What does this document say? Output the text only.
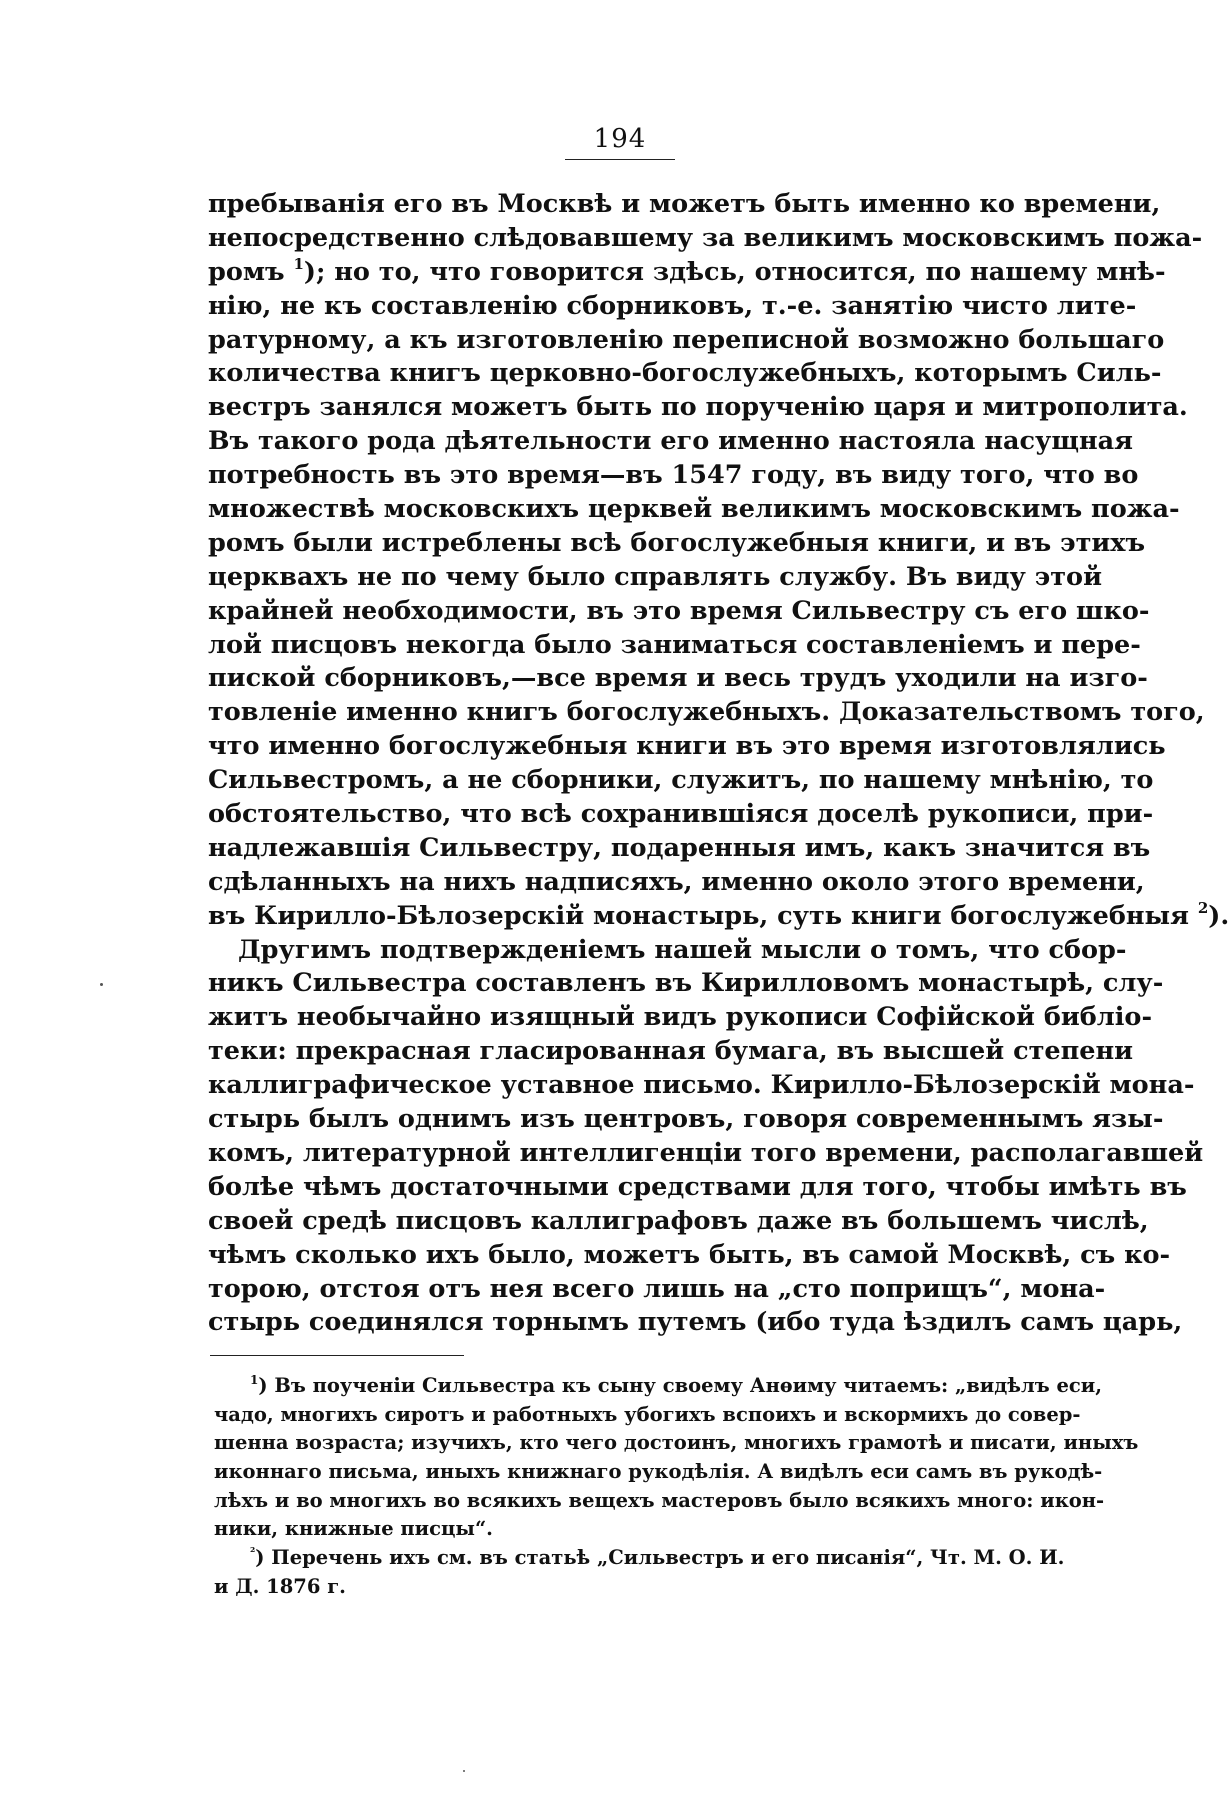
194
пребыванія его въ Москвѣ и можетъ быть именно ко времени,
непосредственно слѣдовавшему за великимъ московскимъ пожа-
ромъ $^1$); но то, что говорится здѣсь, относится, по нашему мнѣ-
нію, не къ составленію сборниковъ, т.-е. занятію чисто лите-
ратурному, а къ изготовленію переписной возможно большаго
количества книгъ церковно-богослужебныхъ, которымъ Силь-
вестръ занялся можетъ быть по порученію царя и митрополита.
Въ такого рода дѣятельности его именно настояла насущная
потребность въ это время—въ 1547 году, въ виду того, что во
множествѣ московскихъ церквей великимъ московскимъ пожа-
ромъ были истреблены всѣ богослужебныя книги, и въ этихъ
церквахъ не по чему было справлять службу. Въ виду этой
крайней необходимости, въ это время Сильвестру съ его шко-
лой писцовъ некогда было заниматься составленіемъ и пере-
пиской сборниковъ,—все время и весь трудъ уходили на изго-
товленіе именно книгъ богослужебныхъ. Доказательствомъ того,
что именно богослужебныя книги въ это время изготовлялись
Сильвестромъ, а не сборники, служитъ, по нашему мнѣнію, то
обстоятельство, что всѣ сохранившіяся доселѣ рукописи, при-
надлежавшія Сильвестру, подаренныя имъ, какъ значится въ
сдѣланныхъ на нихъ надписяхъ, именно около этого времени,
въ Кирилло-Бѣлозерскій монастырь, суть книги богослужебныя $^2$).
Другимъ подтвержденіемъ нашей мысли о томъ, что сбор-
никъ Сильвестра составленъ въ Кирилловомъ монастырѣ, слу-
житъ необычайно изящный видъ рукописи Софійской библіо-
теки: прекрасная гласированная бумага, въ высшей степени
каллиграфическое уставное письмо. Кирилло-Бѣлозерскій мона-
стырь былъ однимъ изъ центровъ, говоря современнымъ язы-
комъ, литературной интеллигенціи того времени, располагавшей
болѣе чѣмъ достаточными средствами для того, чтобы имѣть въ
своей средѣ писцовъ каллиграфовъ даже въ большемъ числѣ,
чѣмъ сколько ихъ было, можетъ быть, въ самой Москвѣ, съ ко-
торою, отстоя отъ нея всего лишь на „сто поприщъ“, мона-
стырь соединялся торнымъ путемъ (ибо туда ѣздилъ самъ царь,
$^1$) Въ поученіи Сильвестра къ сыну своему Анѳиму читаемъ: „видѣлъ еси,
чадо, многихъ сиротъ и работныхъ убогихъ вспоихъ и вскормихъ до совер-
шенна возраста; изучихъ, кто чего достоинъ, многихъ грамотѣ и писати, иныхъ
иконнаго письма, иныхъ книжнаго рукодѣлія. А видѣлъ еси самъ въ рукодѣ-
лѣхъ и во многихъ во всякихъ вещехъ мастеровъ было всякихъ много: икон-
ники, книжные писцы“.
$^{^2}$) Перечень ихъ см. въ статьѣ „Сильвестръ и его писанія“, Чт. М. О. И.
и Д. 1876 г.
